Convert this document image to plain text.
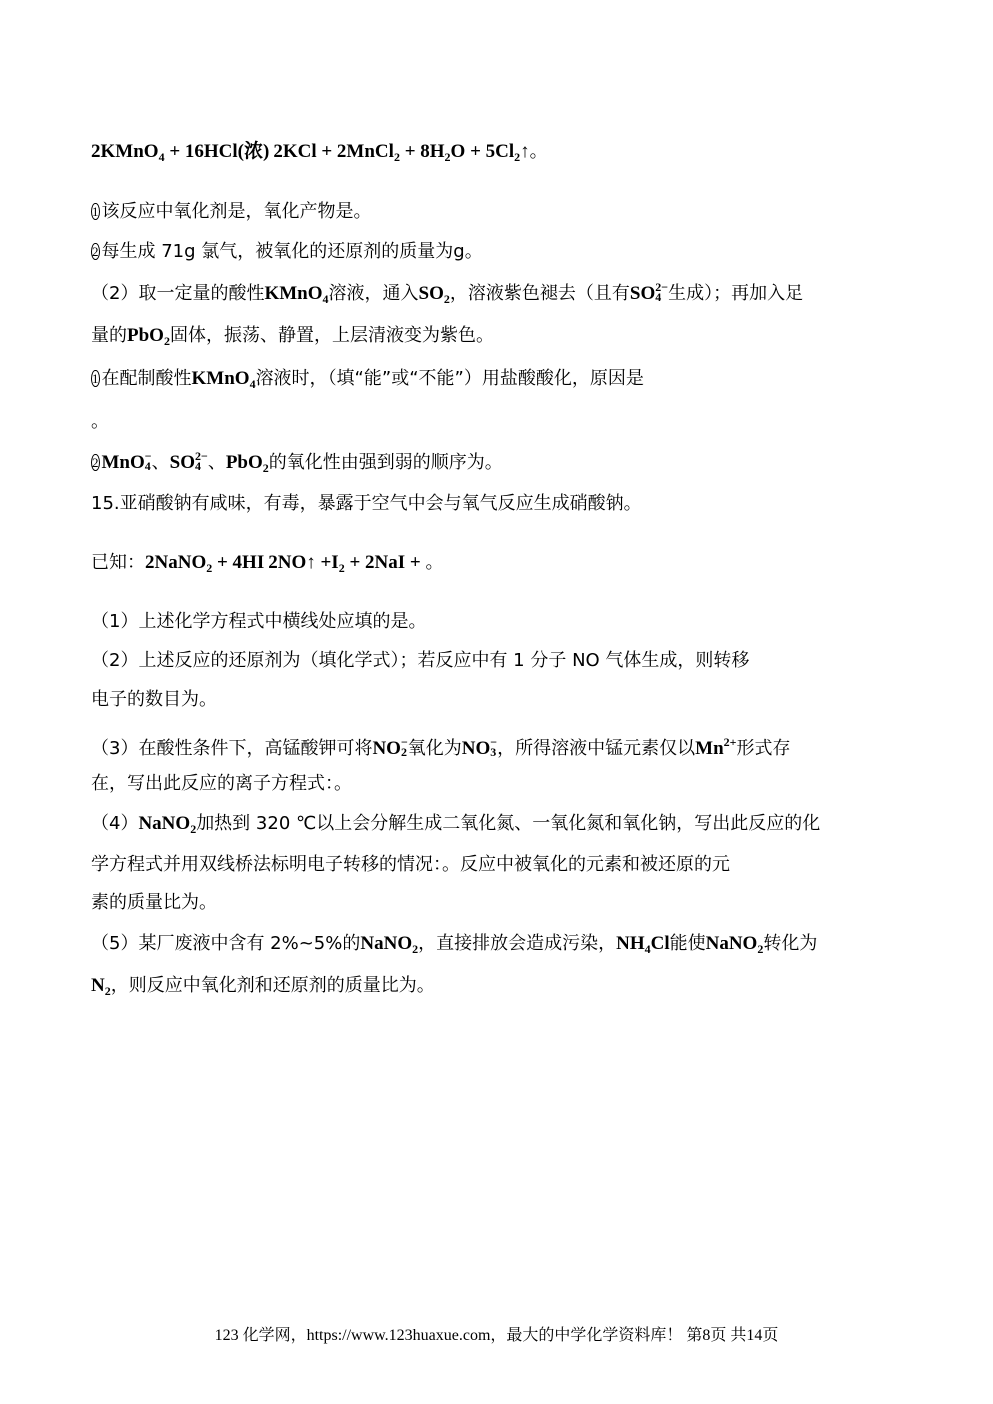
2KMnO$_4$ + 16HCl(浓) 2KCl + 2MnCl$_2$ + $8H_2O$ + $5Cl_2↑$。
1 该反应中氧化剂是，氧化产物是。
2 每生成 71g 氯气，被氧化的还原剂的质量为g。
（2）取一定量的酸性KMnO$_4$溶液，通入$SO_2$，溶液紫色褪去（且有SO 2−
4 生成）；再加入足
量的PbO$_2$固体，振荡、静置，上层清液变为紫色。
1 在配制酸性KMnO$_4$溶液时，（填“能”或“不能”）用盐酸酸化，原因是
。
2 MnO −
4 、SO 2−
4 、PbO$_2$的氧化性由强到弱的顺序为。
15.亚硝酸钠有咸味，有毒，暴露于空气中会与氧气反应生成硝酸钠。
已知：2NaNO$_2$ + 4HI 2NO↑ $+I_2 + 2NaI$ + 。
（1）上述化学方程式中横线处应填的是。
（2）上述反应的还原剂为（填化学式）；若反应中有 1 分子 NO 气体生成，则转移
电子的数目为。
（3）在酸性条件下，高锰酸钾可将NO −
2 氧化为NO −
3 ，所得溶液中锰元素仅以$Mn^{2+}$形式存
在，写出此反应的离子方程式：。
（4）NaNO$_2$加热到 320 ℃以上会分解生成二氧化氮、一氧化氮和氧化钠，写出此反应的化
学方程式并用双线桥法标明电子转移的情况：。反应中被氧化的元素和被还原的元
素的质量比为。
（5）某厂废液中含有 2%~5%的NaNO$_2$，直接排放会造成污染，$NH_4Cl$能使NaNO$_2$转化为
$N_2$，则反应中氧化剂和还原剂的质量比为。
123 化学网，https://www.123huaxue.com，最大的中学化学资料库！ 第8页 共14页
